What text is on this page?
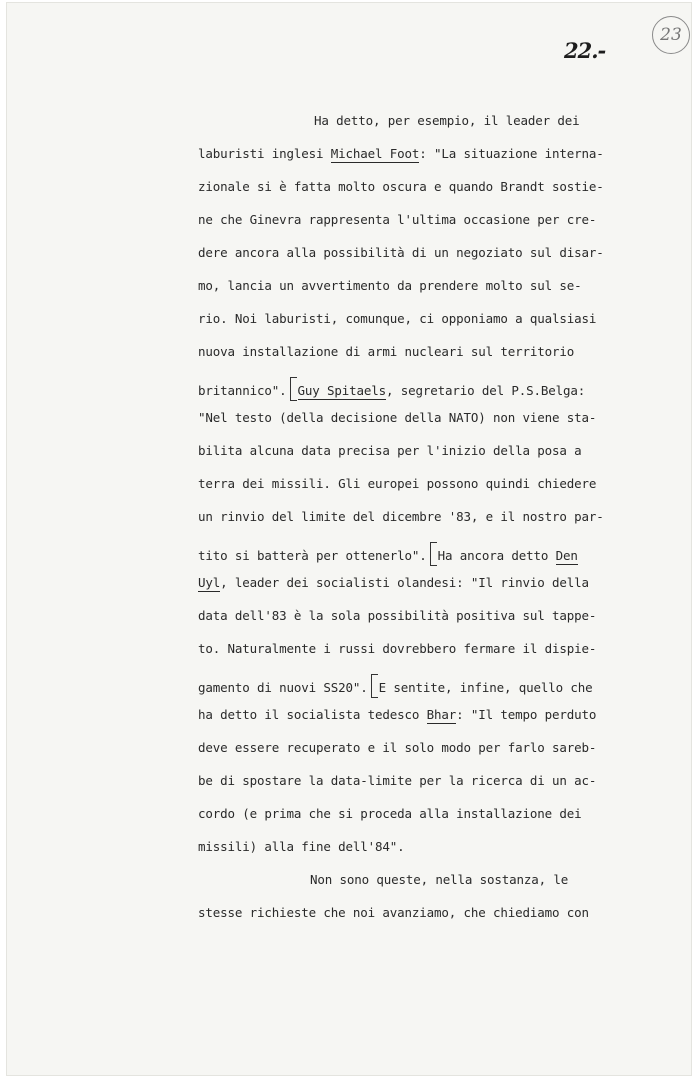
23
22.-
Ha detto, per esempio, il leader dei
laburisti inglesi Michael Foot: "La situazione interna-
zionale si è fatta molto oscura e quando Brandt sostie-
ne che Ginevra rappresenta l'ultima occasione per cre-
dere ancora alla possibilità di un negoziato sul disar-
mo, lancia un avvertimento da prendere molto sul se-
rio. Noi laburisti, comunque, ci opponiamo a qualsiasi
nuova installazione di armi nucleari sul territorio
britannico". Guy Spitaels, segretario del P.S.Belga:
"Nel testo (della decisione della NATO) non viene sta-
bilita alcuna data precisa per l'inizio della posa a
terra dei missili. Gli europei possono quindi chiedere
un rinvio del limite del dicembre '83, e il nostro par-
tito si batterà per ottenerlo". Ha ancora detto Den
Uyl, leader dei socialisti olandesi: "Il rinvio della
data dell'83 è la sola possibilità positiva sul tappe-
to. Naturalmente i russi dovrebbero fermare il dispie-
gamento di nuovi SS20". E sentite, infine, quello che
ha detto il socialista tedesco Bhar: "Il tempo perduto
deve essere recuperato e il solo modo per farlo sareb-
be di spostare la data-limite per la ricerca di un ac-
cordo (e prima che si proceda alla installazione dei
missili) alla fine dell'84".
Non sono queste, nella sostanza, le
stesse richieste che noi avanziamo, che chiediamo con
